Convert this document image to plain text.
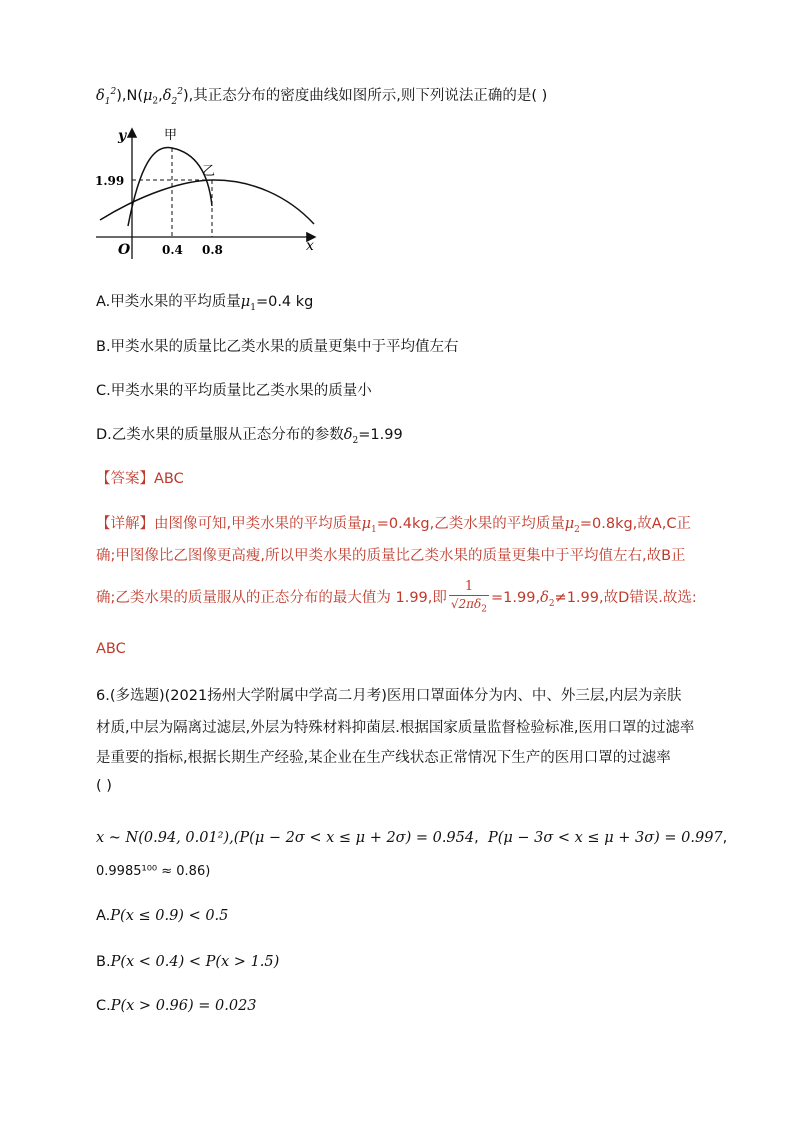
$\delta_1^2),N(\mu_2,\delta_2^2)$,其正态分布的密度曲线如图所示,则下列说法正确的是( )
y
x
O
甲
乙
1.99
0.4 0.8
A.甲类水果的平均质量$\mu_1=0.4$ kg
B.甲类水果的质量比乙类水果的质量更集中于平均值左右
C.甲类水果的平均质量比乙类水果的质量小
D.乙类水果的质量服从正态分布的参数$\delta_2=1.99$
【答案】ABC
【详解】由图像可知,甲类水果的平均质量$\mu_1=0.4kg$,乙类水果的平均质量$\mu_2=0.8kg$,故A,C正
确;甲图像比乙图像更高瘦,所以甲类水果的质量比乙类水果的质量更集中于平均值左右,故B正
确;乙类水果的质量服从的正态分布的最大值为 1.99,即 $\frac{1}{√2\pi\delta_2} =1.99,\delta_2\ne 1.99$,故D错误.故选:
ABC
6.(多选题)(2021扬州大学附属中学高二月考)医用口罩面体分为内、中、外三层,内层为亲肤
材质,中层为隔离过滤层,外层为特殊材料抑菌层.根据国家质量监督检验标准,医用口罩的过滤率
是重要的指标,根据长期生产经验,某企业在生产线状态正常情况下生产的医用口罩的过滤率
( )
x ~ N(0.94, 0.01²),(P(μ − 2σ < x ≤ μ + 2σ) = 0.954, P(μ − 3σ < x ≤ μ + 3σ) = 0.997,
0.9985¹⁰⁰ ≈ 0.86)
A.P(x ≤ 0.9) < 0.5
B.P(x < 0.4) < P(x > 1.5)
C.P(x > 0.96) = 0.023
